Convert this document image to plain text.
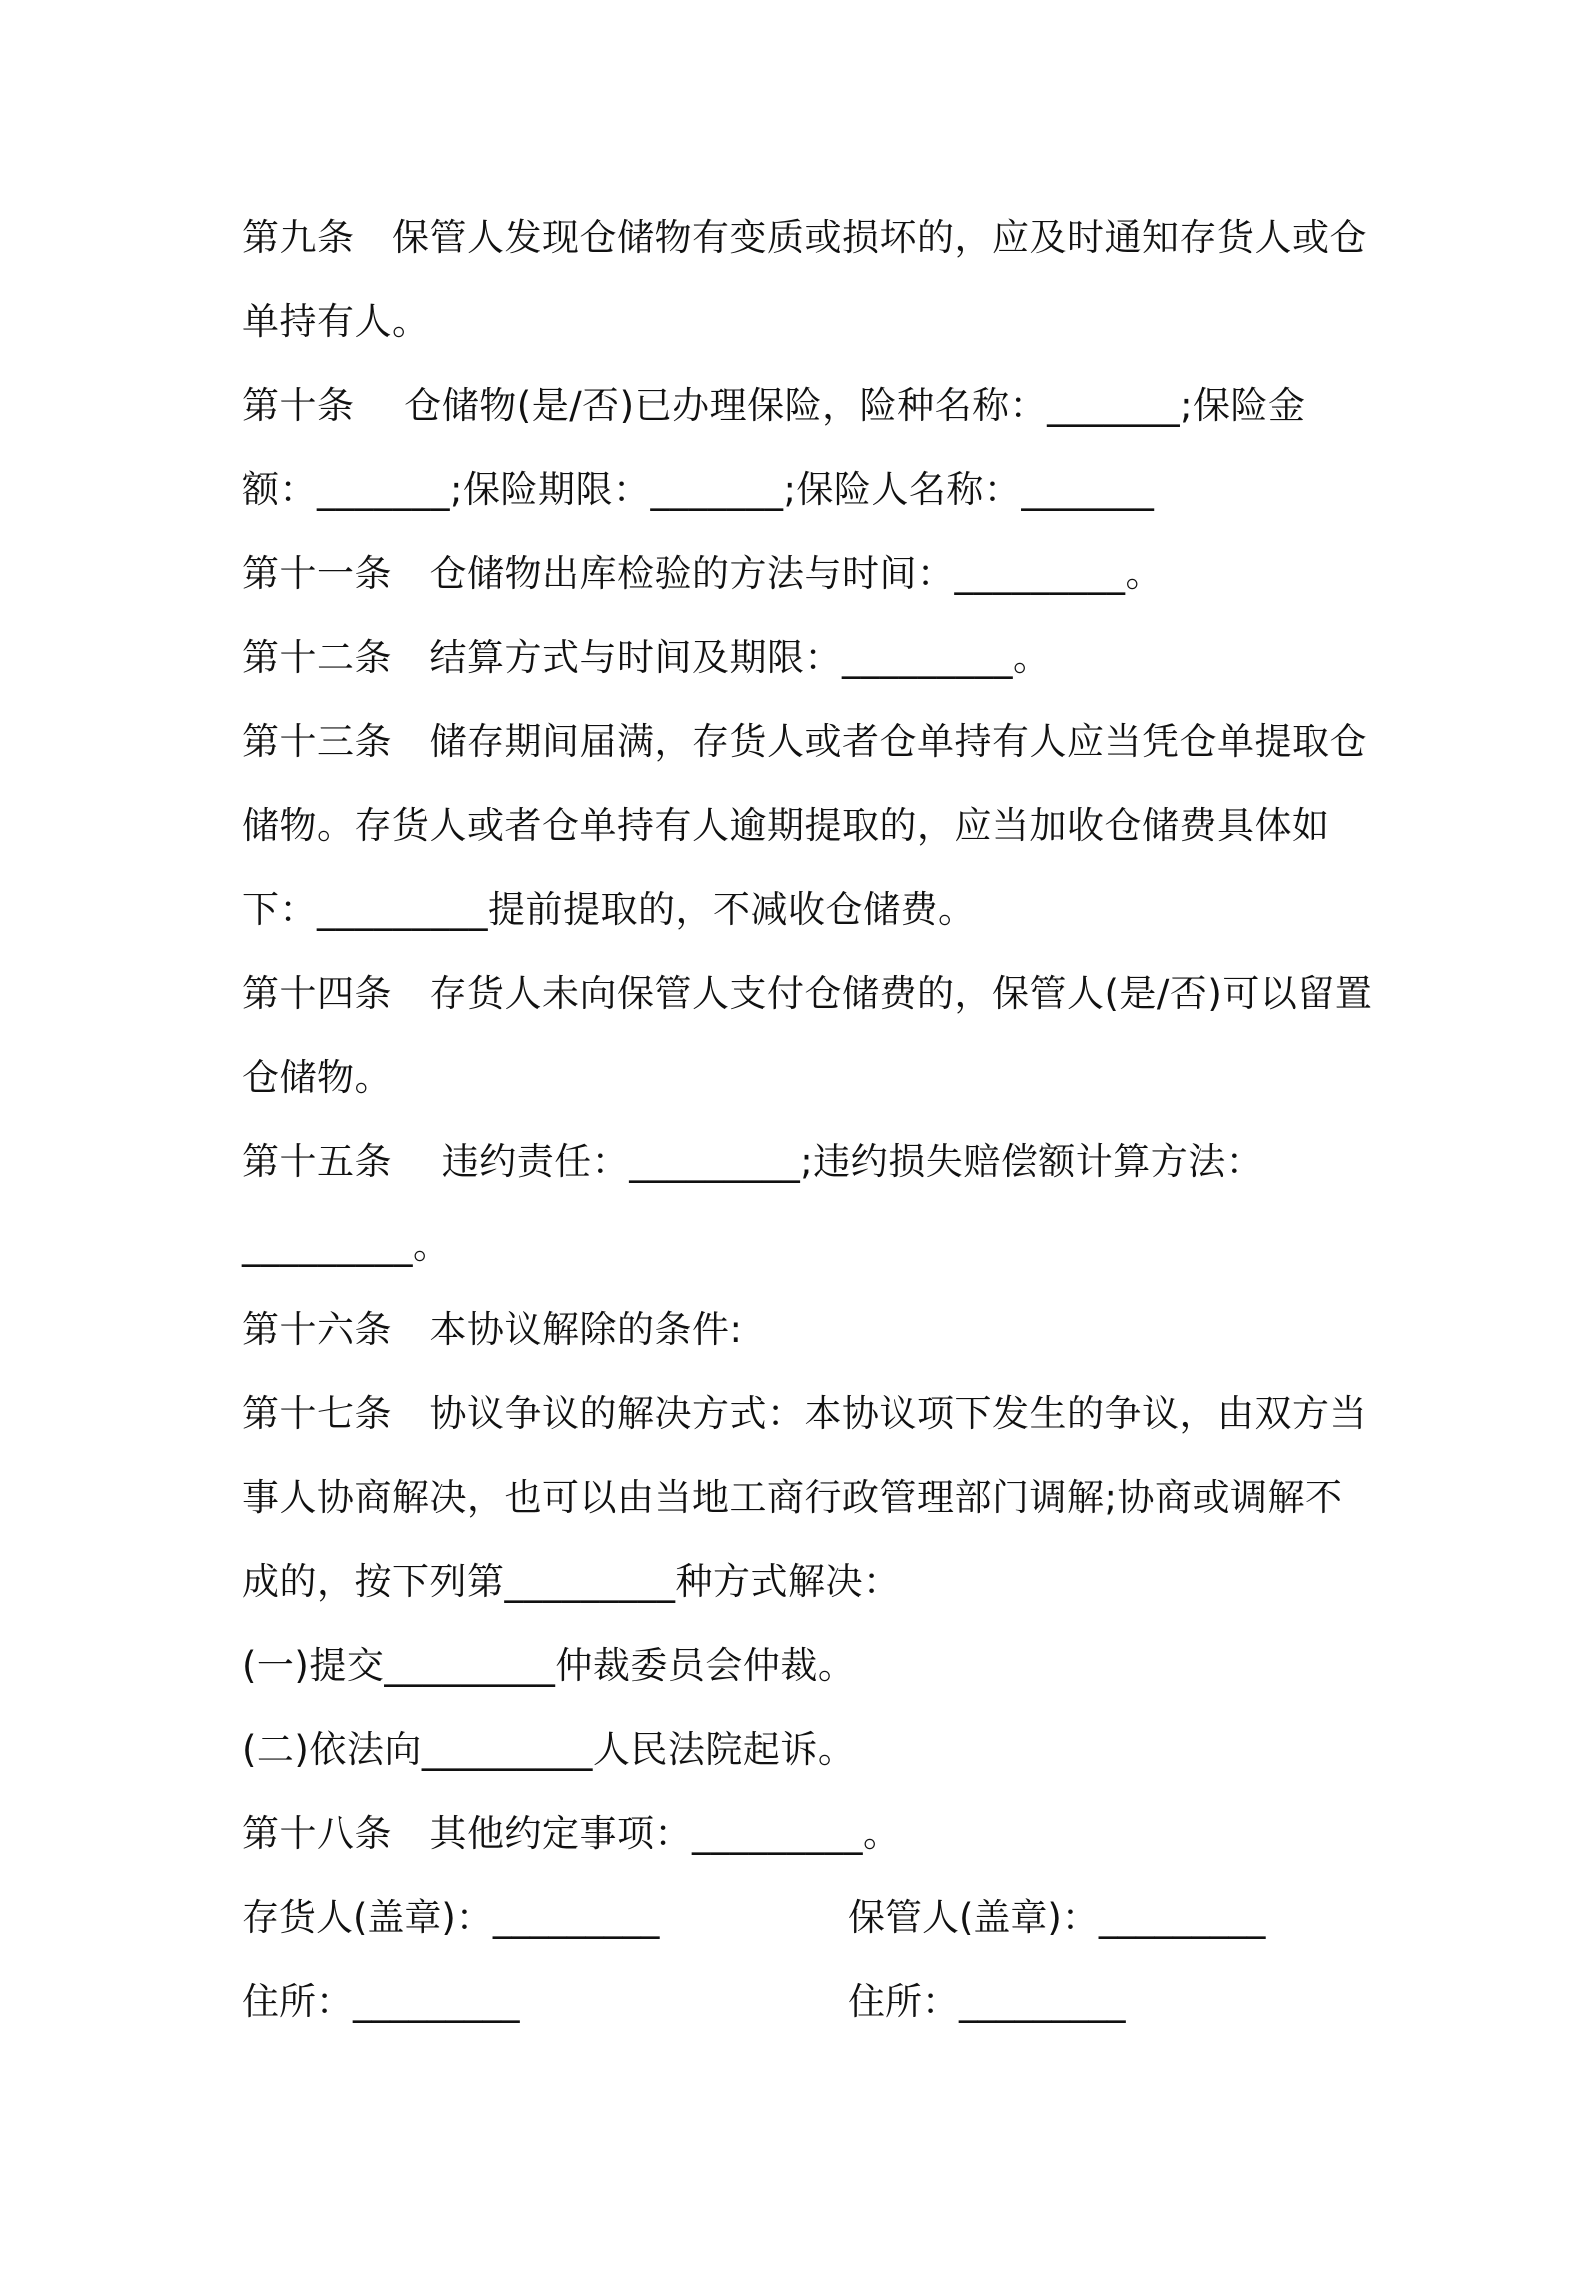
第九条　保管人发现仓储物有变质或损坏的，应及时通知存货人或仓
单持有人。
第十条　 仓储物(是/否)已办理保险，险种名称：_______;保险金
额：_______;保险期限：_______;保险人名称：_______
第十一条　仓储物出库检验的方法与时间：_________。
第十二条　结算方式与时间及期限：_________。
第十三条　储存期间届满，存货人或者仓单持有人应当凭仓单提取仓
储物。存货人或者仓单持有人逾期提取的，应当加收仓储费具体如
下：_________提前提取的，不减收仓储费。
第十四条　存货人未向保管人支付仓储费的，保管人(是/否)可以留置
仓储物。
第十五条　 违约责任：_________;违约损失赔偿额计算方法：
_________。
第十六条　本协议解除的条件:
第十七条　协议争议的解决方式：本协议项下发生的争议，由双方当
事人协商解决，也可以由当地工商行政管理部门调解;协商或调解不
成的，按下列第_________种方式解决：
(一)提交_________仲裁委员会仲裁。
(二)依法向_________人民法院起诉。
第十八条　其他约定事项：_________。

存货人(盖章)：_________

	保管人(盖章)：_________

住所：_________

	住所：_________
